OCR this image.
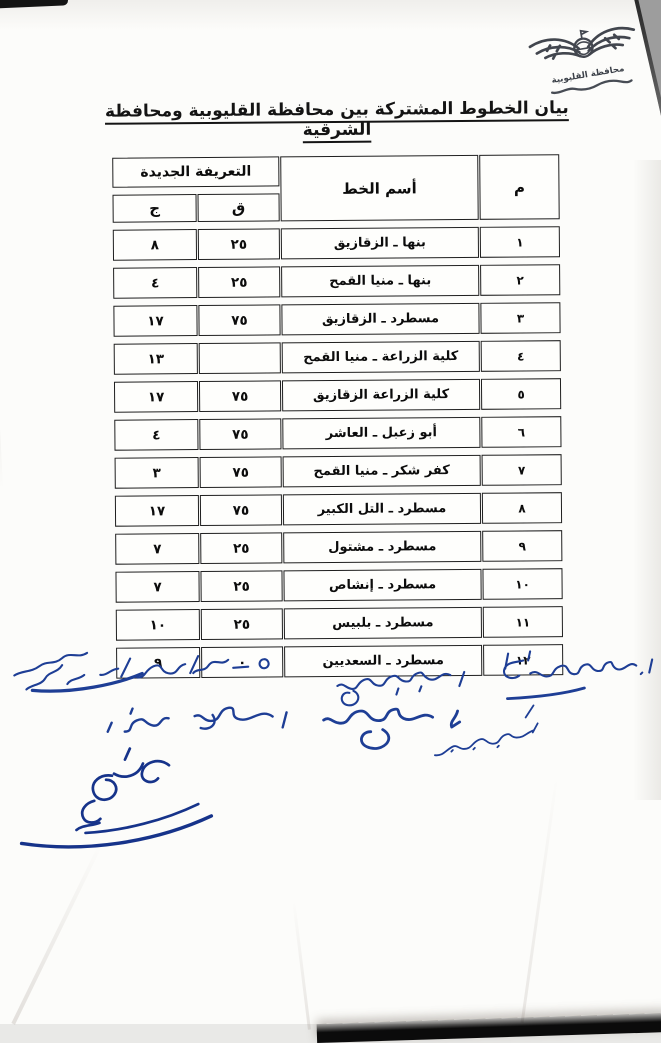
محافظة القليوبية
بيان الخطوط المشتركة بين محافظة القليوبية ومحافظة الشرقية
م	أسم الخط	التعريفة الجديدة	
		ق	ج
١	بنها ـ الزقازيق	٢٥	٨
٢	بنها ـ منيا القمح	٢٥	٤
٣	مسطرد ـ الزقازيق	٧٥	١٧
٤	كلية الزراعة ـ منيا القمح		١٣
٥	كلية الزراعة الزقازيق	٧٥	١٧
٦	أبو زعبل ـ العاشر	٧٥	٤
٧	كفر شكر ـ منيا القمح	٧٥	٣
٨	مسطرد ـ التل الكبير	٧٥	١٧
٩	مسطرد ـ مشتول	٢٥	٧
١٠	مسطرد ـ إنشاص	٢٥	٧
١١	مسطرد ـ بلبيس	٢٥	١٠
١٢	مسطرد ـ السعديين	٠	٩
